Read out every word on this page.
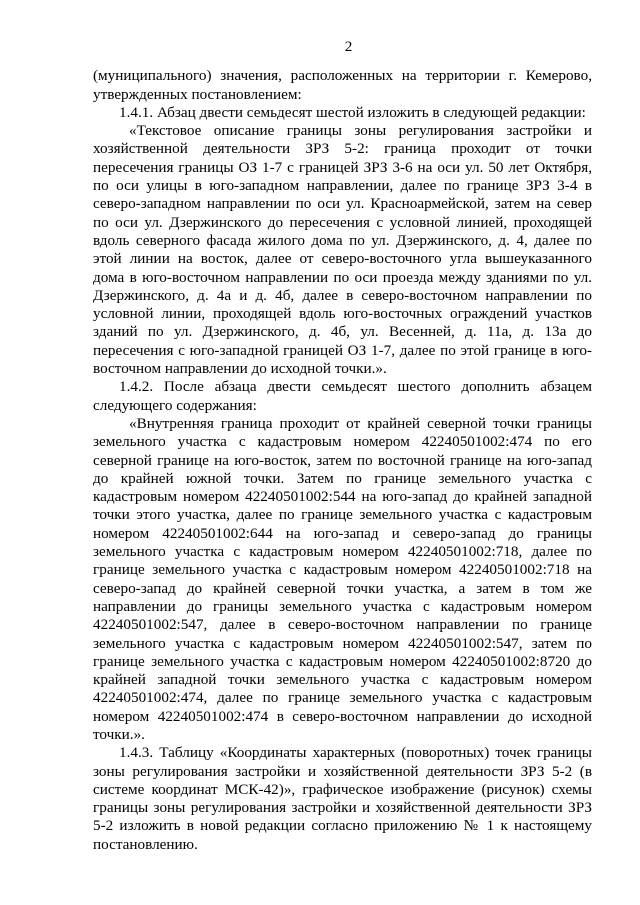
2

(муниципального) значения, расположенных на территории г. Кемерово, утвержденных постановлением:

1.4.1. Абзац двести семьдесят шестой изложить в следующей редакции:

«Текстовое описание границы зоны регулирования застройки и хозяйственной деятельности ЗРЗ 5-2: граница проходит от точки пересечения границы ОЗ 1-7 с границей ЗРЗ 3-6 на оси ул. 50 лет Октября, по оси улицы в юго-западном направлении, далее по границе ЗРЗ 3-4 в северо-западном направлении по оси ул. Красноармейской, затем на север по оси ул. Дзержинского до пересечения с условной линией, проходящей вдоль северного фасада жилого дома по ул. Дзержинского, д. 4, далее по этой линии на восток, далее от северо-восточного угла вышеуказанного дома в юго-восточном направлении по оси проезда между зданиями по ул. Дзержинского, д. 4а и д. 4б, далее в северо-восточном направлении по условной линии, проходящей вдоль юго-восточных ограждений участков зданий по ул. Дзержинского, д. 4б, ул. Весенней, д. 11а, д. 13а до пересечения с юго-западной границей ОЗ 1-7, далее по этой границе в юго-восточном направлении до исходной точки.».

1.4.2. После абзаца двести семьдесят шестого дополнить абзацем следующего содержания:

«Внутренняя граница проходит от крайней северной точки границы земельного участка с кадастровым номером 42240501002:474 по его северной границе на юго-восток, затем по восточной границе на юго-запад до крайней южной точки. Затем по границе земельного участка с кадастровым номером 42240501002:544 на юго-запад до крайней западной точки этого участка, далее по границе земельного участка с кадастровым номером 42240501002:644 на юго-запад и северо-запад до границы земельного участка с кадастровым номером 42240501002:718, далее по границе земельного участка с кадастровым номером 42240501002:718 на северо-запад до крайней северной точки участка, а затем в том же направлении до границы земельного участка с кадастровым номером 42240501002:547, далее в северо-восточном направлении по границе земельного участка с кадастровым номером 42240501002:547, затем по границе земельного участка с кадастровым номером 42240501002:8720 до крайней западной точки земельного участка с кадастровым номером 42240501002:474, далее по границе земельного участка с кадастровым номером 42240501002:474 в северо-восточном направлении до исходной точки.».

1.4.3. Таблицу «Координаты характерных (поворотных) точек границы зоны регулирования застройки и хозяйственной деятельности ЗРЗ 5-2 (в системе координат МСК-42)», графическое изображение (рисунок) схемы границы зоны регулирования застройки и хозяйственной деятельности ЗРЗ 5-2 изложить в новой редакции согласно приложению № 1 к настоящему постановлению.
